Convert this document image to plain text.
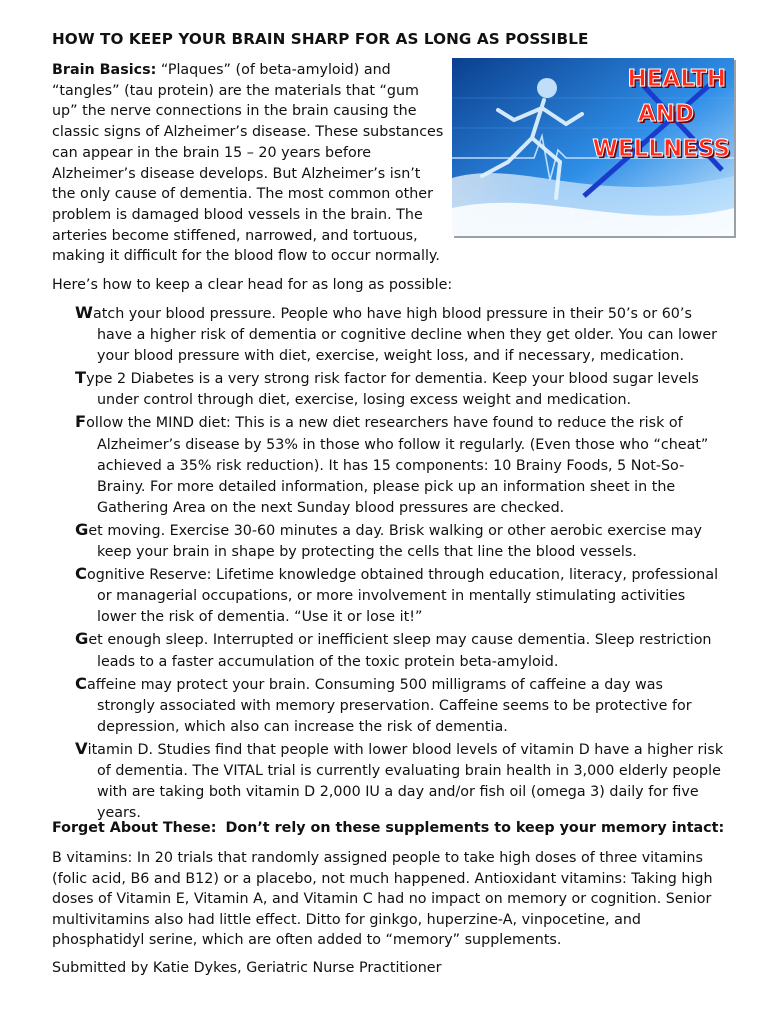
HOW TO KEEP YOUR BRAIN SHARP FOR AS LONG AS POSSIBLE
Brain Basics: “Plaques” (of beta-amyloid) and “tangles” (tau protein) are the materials that “gum up” the nerve connections in the brain causing the classic signs of Alzheimer’s disease. These substances can appear in the brain 15 – 20 years before Alzheimer’s disease develops. But Alzheimer’s isn’t the only cause of dementia. The most common other problem is damaged blood vessels in the brain. The arteries become stiffened, narrowed, and tortuous, making it difficult for the blood flow to occur normally.
HEALTH
AND
WELLNESS
Here’s how to keep a clear head for as long as possible:
Watch your blood pressure. People who have high blood pressure in their 50’s or 60’s have a higher risk of dementia or cognitive decline when they get older. You can lower your blood pressure with diet, exercise, weight loss, and if necessary, medication.
Type 2 Diabetes is a very strong risk factor for dementia. Keep your blood sugar levels under control through diet, exercise, losing excess weight and medication.
Follow the MIND diet: This is a new diet researchers have found to reduce the risk of Alzheimer’s disease by 53% in those who follow it regularly. (Even those who “cheat” achieved a 35% risk reduction). It has 15 components: 10 Brainy Foods, 5 Not-So-Brainy. For more detailed information, please pick up an information sheet in the Gathering Area on the next Sunday blood pressures are checked.
Get moving. Exercise 30-60 minutes a day. Brisk walking or other aerobic exercise may keep your brain in shape by protecting the cells that line the blood vessels.
Cognitive Reserve: Lifetime knowledge obtained through education, literacy, professional or managerial occupations, or more involvement in mentally stimulating activities lower the risk of dementia. “Use it or lose it!”
Get enough sleep. Interrupted or inefficient sleep may cause dementia. Sleep restriction leads to a faster accumulation of the toxic protein beta-amyloid.
Caffeine may protect your brain. Consuming 500 milligrams of caffeine a day was strongly associated with memory preservation. Caffeine seems to be protective for depression, which also can increase the risk of dementia.
Vitamin D. Studies find that people with lower blood levels of vitamin D have a higher risk of dementia. The VITAL trial is currently evaluating brain health in 3,000 elderly people with are taking both vitamin D 2,000 IU a day and/or fish oil (omega 3) daily for five years.
Forget About These: Don’t rely on these supplements to keep your memory intact:
B vitamins: In 20 trials that randomly assigned people to take high doses of three vitamins (folic acid, B6 and B12) or a placebo, not much happened. Antioxidant vitamins: Taking high doses of Vitamin E, Vitamin A, and Vitamin C had no impact on memory or cognition. Senior multivitamins also had little effect. Ditto for ginkgo, huperzine-A, vinpocetine, and phosphatidyl serine, which are often added to “memory” supplements.
Submitted by Katie Dykes, Geriatric Nurse Practitioner
